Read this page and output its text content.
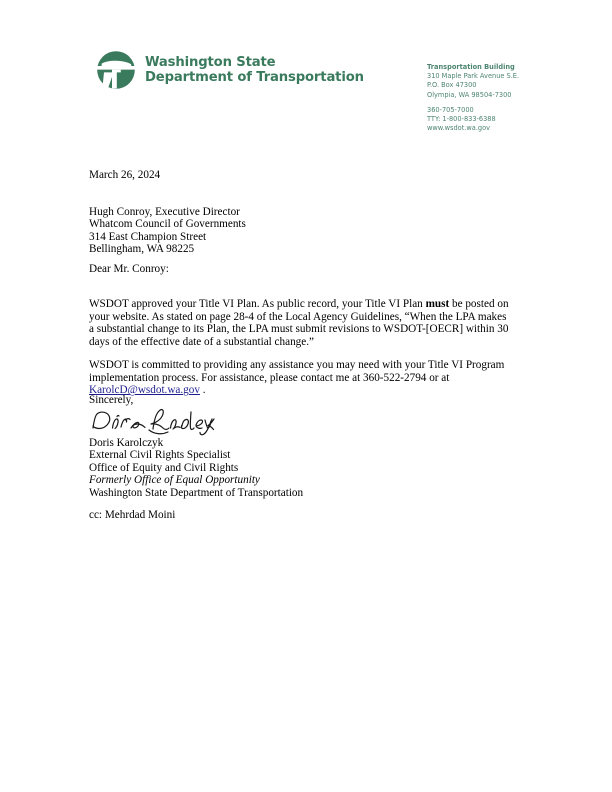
Washington State
Department of Transportation
Transportation Building
310 Maple Park Avenue S.E.
P.O. Box 47300
Olympia, WA 98504-7300
360-705-7000
TTY: 1-800-833-6388
www.wsdot.wa.gov
March 26, 2024
Hugh Conroy, Executive Director
Whatcom Council of Governments
314 East Champion Street
Bellingham, WA 98225
Dear Mr. Conroy:

WSDOT approved your Title VI Plan. As public record, your Title VI Plan must be posted on your website. As stated on page 28-4 of the Local Agency Guidelines, “When the LPA makes a substantial change to its Plan, the LPA must submit revisions to WSDOT-[OECR] within 30 days of the effective date of a substantial change.”

WSDOT is committed to providing any assistance you may need with your Title VI Program implementation process. For assistance, please contact me at 360-522-2794 or at KarolcD@wsdot.wa.gov .

Sincerely,
Doris Karolczyk
External Civil Rights Specialist
Office of Equity and Civil Rights
Formerly Office of Equal Opportunity
Washington State Department of Transportation
cc: Mehrdad Moini
